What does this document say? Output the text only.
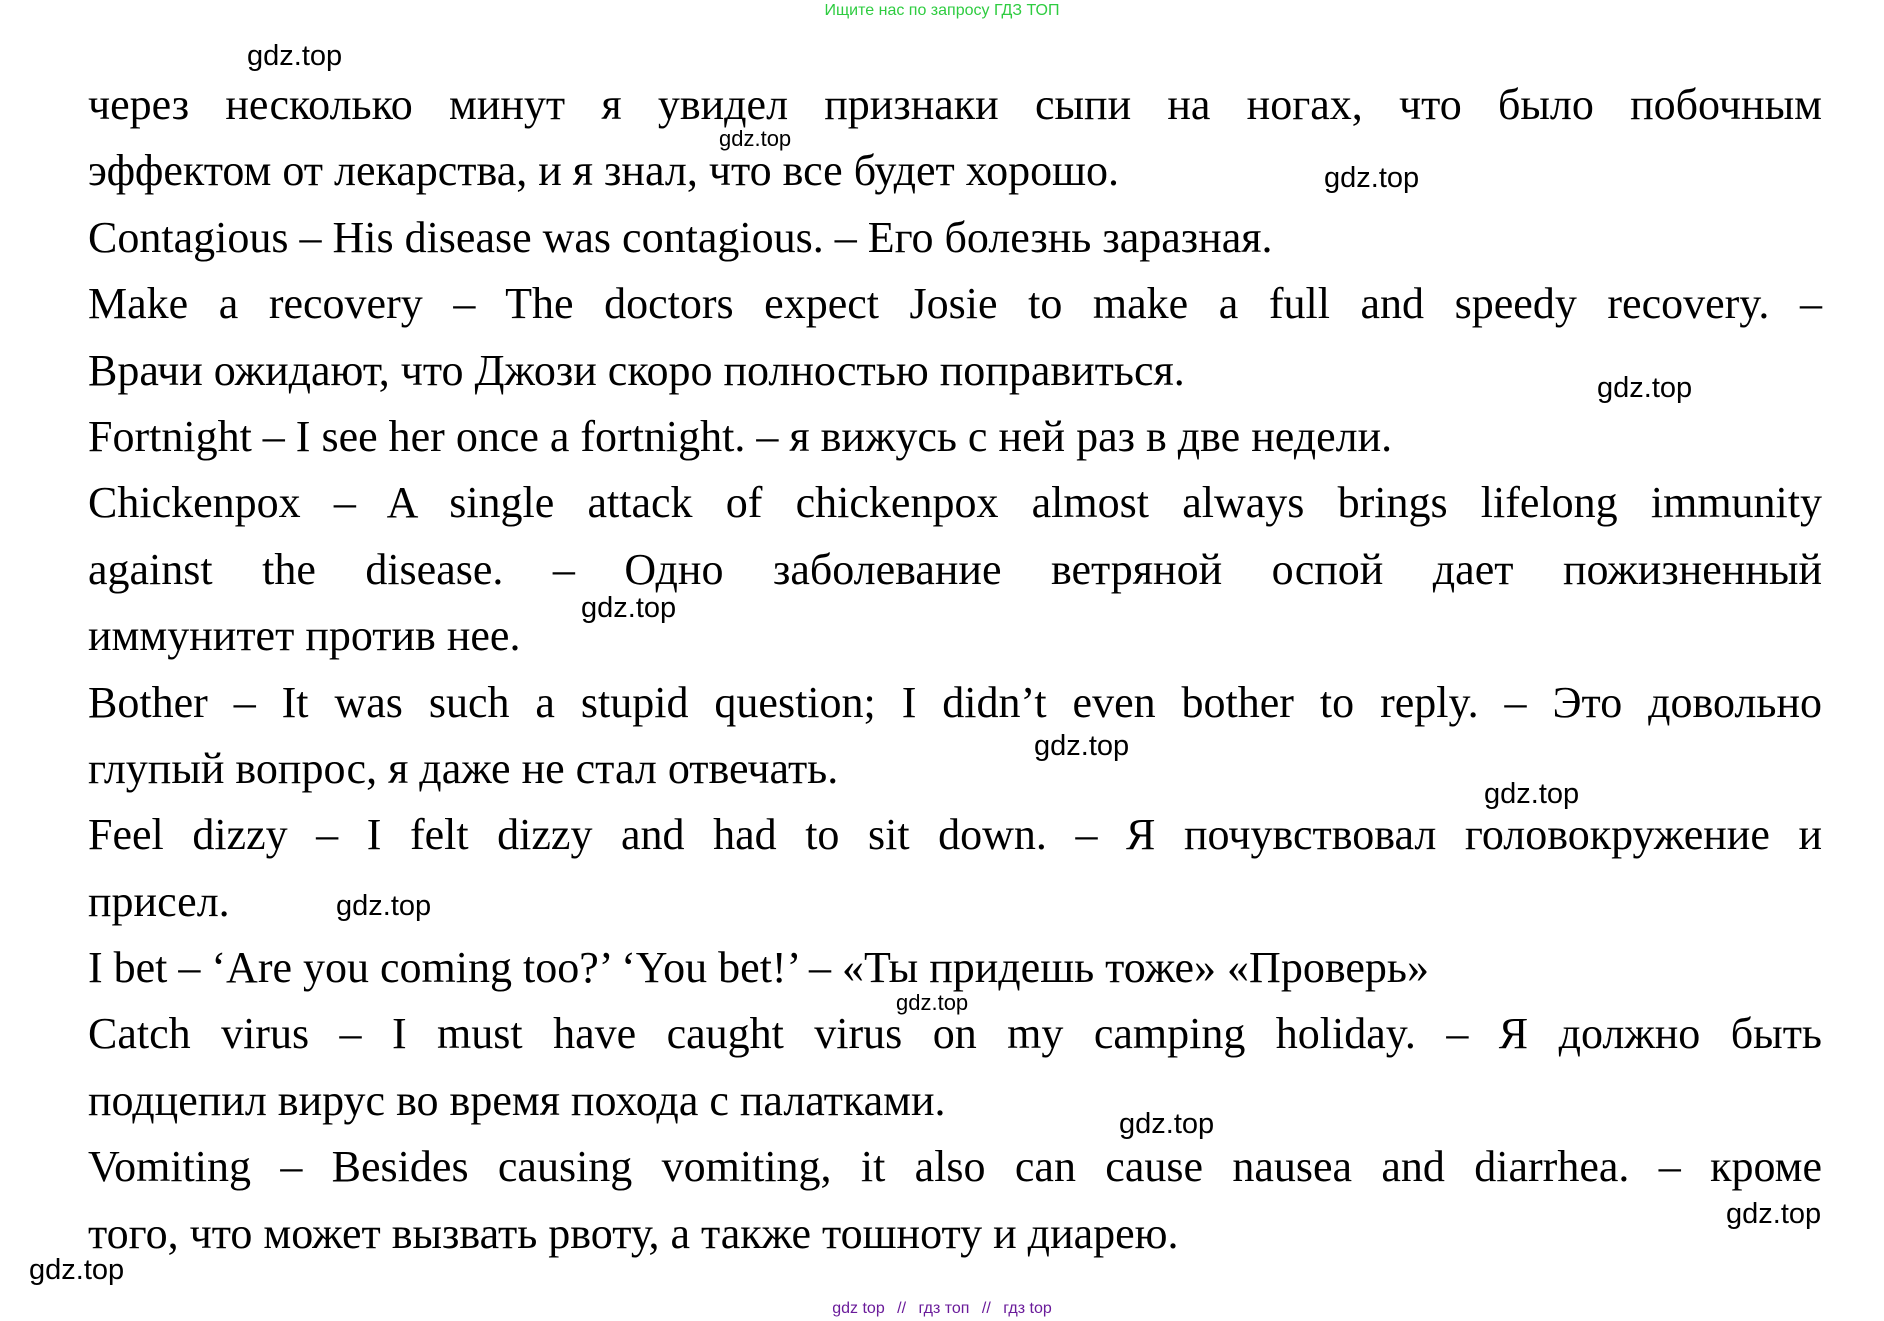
Ищите нас по запросу ГДЗ ТОП
через несколько минут я увидел признаки сыпи на ногах, что было побочным
эффектом от лекарства, и я знал, что все будет хорошо.
Contagious – His disease was contagious. – Его болезнь заразная.
Make a recovery – The doctors expect Josie to make a full and speedy recovery. –
Врачи ожидают, что Джози скоро полностью поправиться.
Fortnight – I see her once a fortnight. – я вижусь с ней раз в две недели.
Chickenpox – A single attack of chickenpox almost always brings lifelong immunity
against the disease. – Одно заболевание ветряной оспой дает пожизненный
иммунитет против нее.
Bother – It was such a stupid question; I didn’t even bother to reply. – Это довольно
глупый вопрос, я даже не стал отвечать.
Feel dizzy – I felt dizzy and had to sit down. – Я почувствовал головокружение и
присел.
I bet – ‘Are you coming too?’ ‘You bet!’ – «Ты придешь тоже» «Проверь»
Catch virus – I must have caught virus on my camping holiday. – Я должно быть
подцепил вирус во время похода с палатками.
Vomiting – Besides causing vomiting, it also can cause nausea and diarrhea. – кроме
того, что может вызвать рвоту, а также тошноту и диарею.
gdz.top
gdz.top
gdz.top
gdz.top
gdz.top
gdz.top
gdz.top
gdz.top
gdz.top
gdz.top
gdz.top
gdz.top
gdz top // гдз топ // гдз top
